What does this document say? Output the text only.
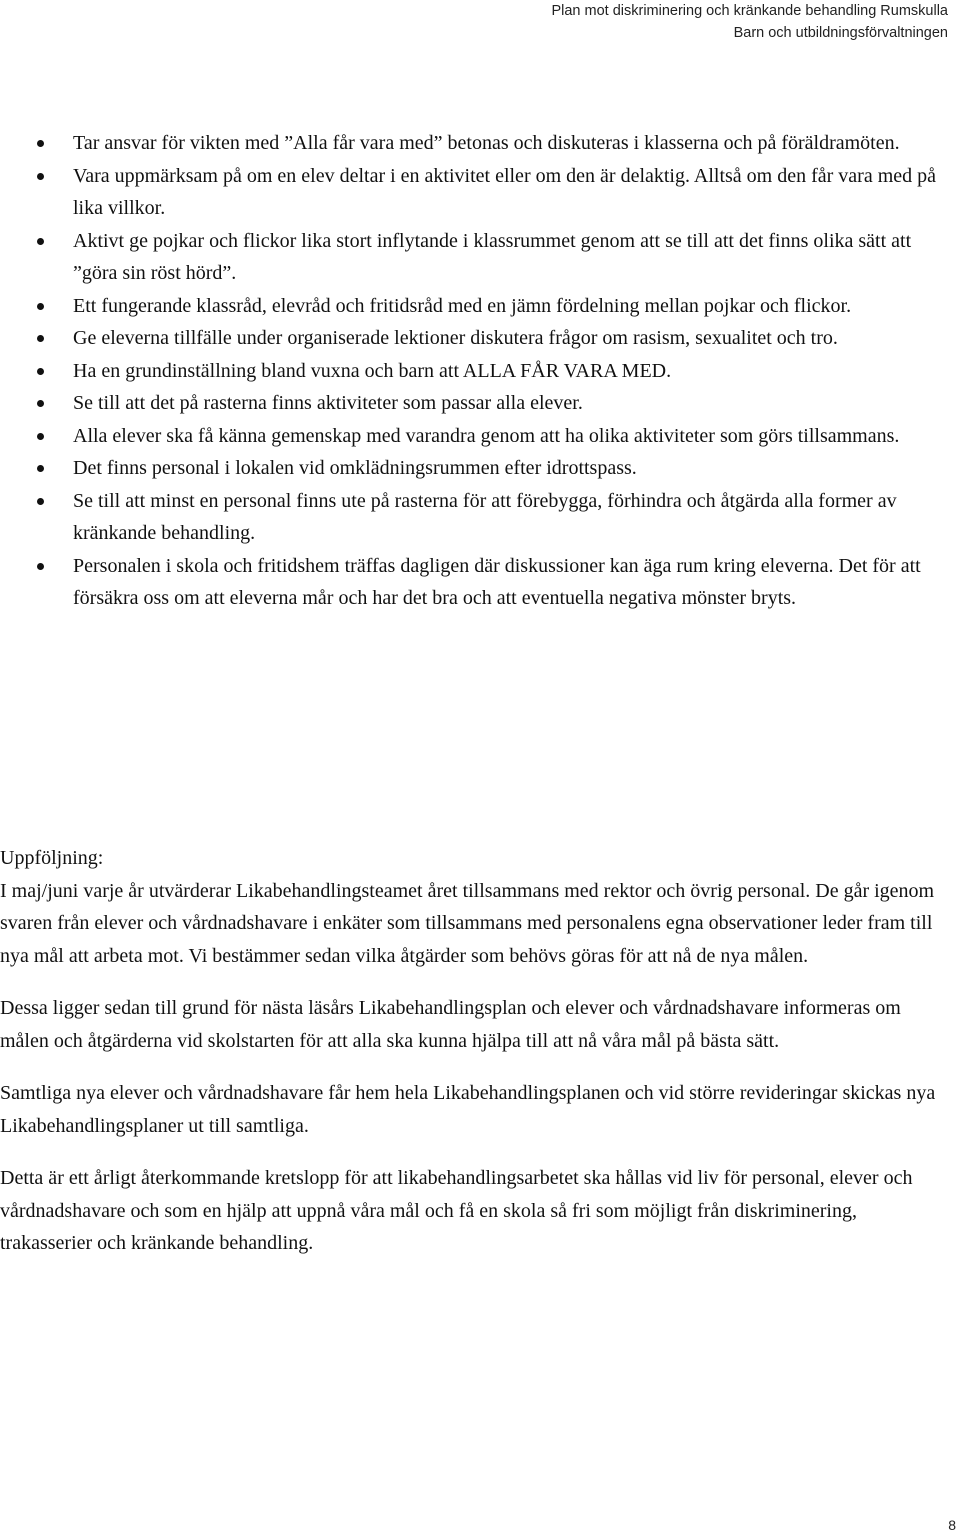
Plan mot diskriminering och kränkande behandling Rumskulla
Barn och utbildningsförvaltningen
Tar ansvar för vikten med ”Alla får vara med” betonas och diskuteras i klasserna och på föräldramöten.
Vara uppmärksam på om en elev deltar i en aktivitet eller om den är delaktig. Alltså om den får vara med på lika villkor.
Aktivt ge pojkar och flickor lika stort inflytande i klassrummet genom att se till att det finns olika sätt att ”göra sin röst hörd”.
Ett fungerande klassråd, elevråd och fritidsråd med en jämn fördelning mellan pojkar och flickor.
Ge eleverna tillfälle under organiserade lektioner diskutera frågor om rasism, sexualitet och tro.
Ha en grundinställning bland vuxna och barn att ALLA FÅR VARA MED.
Se till att det på rasterna finns aktiviteter som passar alla elever.
Alla elever ska få känna gemenskap med varandra genom att ha olika aktiviteter som görs tillsammans.
Det finns personal i lokalen vid omklädningsrummen efter idrottspass.
Se till att minst en personal finns ute på rasterna för att förebygga, förhindra och åtgärda alla former av kränkande behandling.
Personalen i skola och fritidshem träffas dagligen där diskussioner kan äga rum kring eleverna. Det för att försäkra oss om att eleverna mår och har det bra och att eventuella negativa mönster bryts.
Uppföljning:

I maj/juni varje år utvärderar Likabehandlingsteamet året tillsammans med rektor och övrig personal. De går igenom svaren från elever och vårdnadshavare i enkäter som tillsammans med personalens egna observationer leder fram till nya mål att arbeta mot. Vi bestämmer sedan vilka åtgärder som behövs göras för att nå de nya målen.

Dessa ligger sedan till grund för nästa läsårs Likabehandlingsplan och elever och vårdnadshavare informeras om målen och åtgärderna vid skolstarten för att alla ska kunna hjälpa till att nå våra mål på bästa sätt.

Samtliga nya elever och vårdnadshavare får hem hela Likabehandlingsplanen och vid större revideringar skickas nya Likabehandlingsplaner ut till samtliga.

Detta är ett årligt återkommande kretslopp för att likabehandlingsarbetet ska hållas vid liv för personal, elever och vårdnadshavare och som en hjälp att uppnå våra mål och få en skola så fri som möjligt från diskriminering, trakasserier och kränkande behandling.

8
